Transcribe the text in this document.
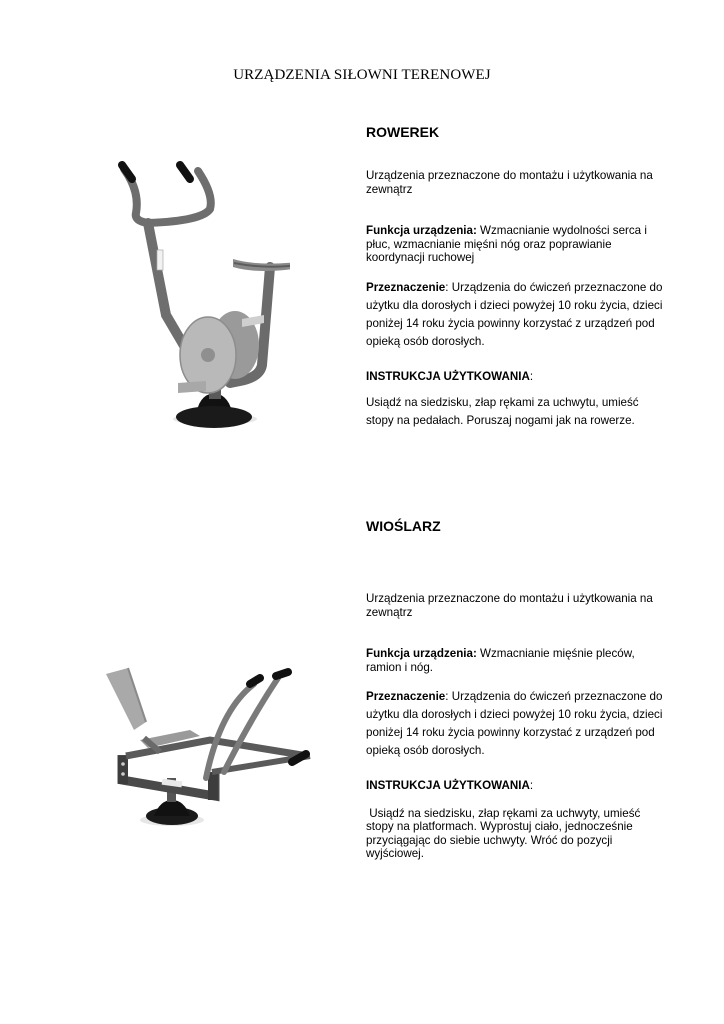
URZĄDZENIA SIŁOWNI TERENOWEJ

ROWEREK

Urządzenia przeznaczone do montażu i użytkowania na zewnątrz

Funkcja urządzenia: Wzmacnianie wydolności serca i płuc, wzmacnianie mięśni nóg oraz poprawianie koordynacji ruchowej

Przeznaczenie: Urządzenia do ćwiczeń przeznaczone do użytku dla dorosłych i dzieci powyżej 10 roku życia, dzieci poniżej 14 roku życia powinny korzystać z urządzeń pod opieką osób dorosłych.

INSTRUKCJA UŻYTKOWANIA:

Usiądź na siedzisku, złap rękami za uchwytu, umieść stopy na pedałach. Poruszaj nogami jak na rowerze.

WIOŚLARZ

Urządzenia przeznaczone do montażu i użytkowania na zewnątrz

Funkcja urządzenia: Wzmacnianie mięśnie pleców, ramion i nóg.

Przeznaczenie: Urządzenia do ćwiczeń przeznaczone do użytku dla dorosłych i dzieci powyżej 10 roku życia, dzieci poniżej 14 roku życia powinny korzystać z urządzeń pod opieką osób dorosłych.

INSTRUKCJA UŻYTKOWANIA:

Usiądź na siedzisku, złap rękami za uchwyty, umieść stopy na platformach. Wyprostuj ciało, jednocześnie przyciągając do siebie uchwyty. Wróć do pozycji wyjściowej.
